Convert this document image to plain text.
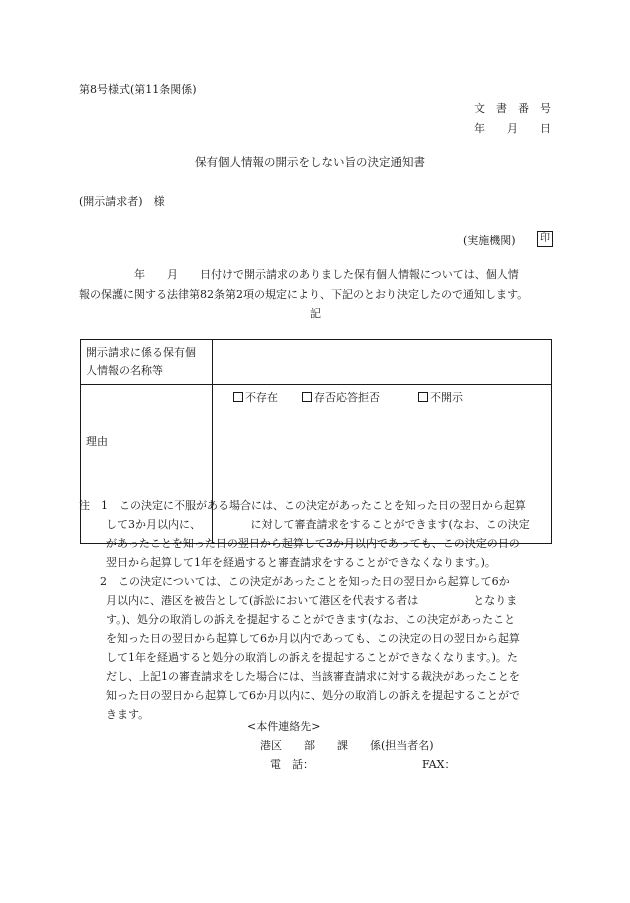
第8号様式(第11条関係)
文　書　番　号
年　　月　　日
保有個人情報の開示をしない旨の決定通知書
(開示請求者)　様
(実施機関)	印
年　　月　　日付けで開示請求のありました保有個人情報については、個人情
報の保護に関する法律第82条第2項の規定により、下記のとおり決定したので通知します。
記
開示請求に係る保有個
人情報の名称等	
理由	不存在 存否応答拒否 不開示
注　1　この決定に不服がある場合には、この決定があったことを知った日の翌日から起算
して3か月以内に、　　　　　に対して審査請求をすることができます(なお、この決定
があったことを知った日の翌日から起算して3か月以内であっても、この決定の日の
翌日から起算して1年を経過すると審査請求をすることができなくなります。)。
2　この決定については、この決定があったことを知った日の翌日から起算して6か
月以内に、港区を被告として(訴訟において港区を代表する者は　　　　　となりま
す。)、処分の取消しの訴えを提起することができます(なお、この決定があったこと
を知った日の翌日から起算して6か月以内であっても、この決定の日の翌日から起算
して1年を経過すると処分の取消しの訴えを提起することができなくなります。)。た
だし、上記1の審査請求をした場合には、当該審査請求に対する裁決があったことを
知った日の翌日から起算して6か月以内に、処分の取消しの訴えを提起することがで
きます。
<本件連絡先>
港区　　部　　課　　係(担当者名)
電　話：	FAX：
